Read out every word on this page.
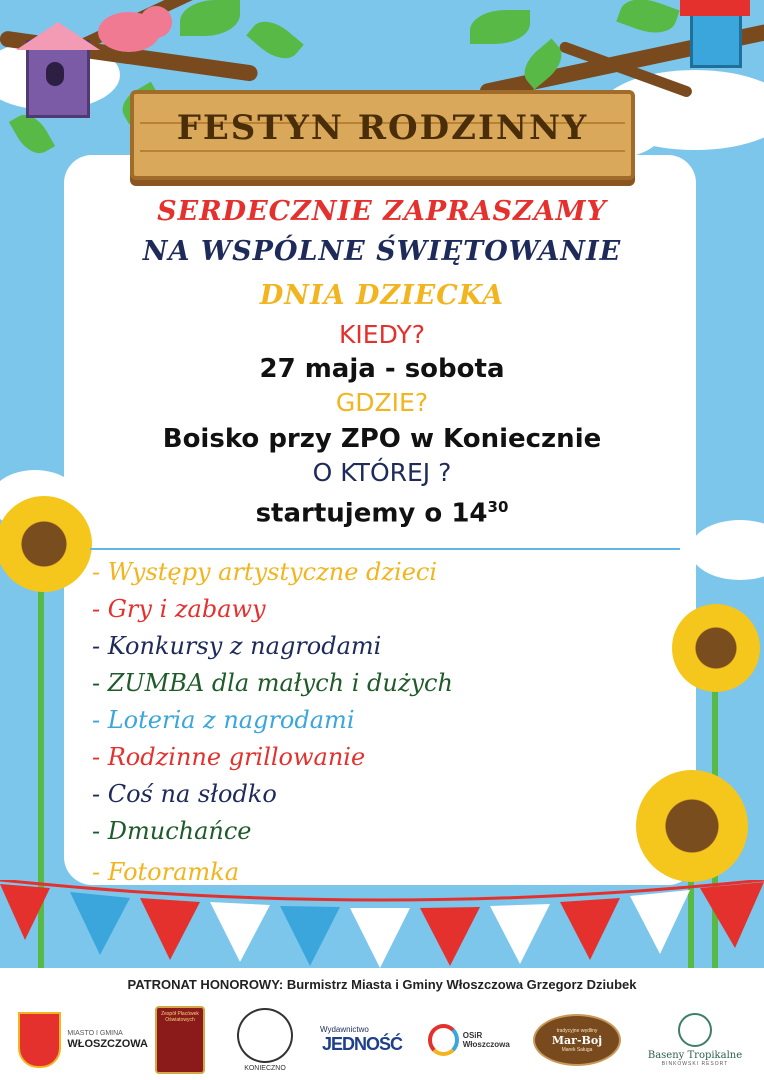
FESTYN RODZINNY
SERDECZNIE ZAPRASZAMY
NA WSPÓLNE ŚWIĘTOWANIE
DNIA DZIECKA
KIEDY?
27 maja - sobota
GDZIE?
Boisko przy ZPO w Koniecznie
O KTÓREJ ?
startujemy o $14^{30}$
- Występy artystyczne dzieci
- Gry i zabawy
- Konkursy z nagrodami
- ZUMBA dla małych i dużych
- Loteria z nagrodami
- Rodzinne grillowanie
- Coś na słodko
- Dmuchańce
- Fotoramka
PATRONAT HONOROWY: Burmistrz Miasta i Gminy Włoszczowa Grzegorz Dziubek
MIASTO I GMINA
WŁOSZCZOWA
Zespół Placówek Oświatowych
KONIECZNO
Wydawnictwo
JEDNOŚĆ	OSiR Włoszczowa
tradycyjne wędliny
Mar-Boj
Marek Saługa
Baseny Tropikalne
BINKOWSKI RESORT
